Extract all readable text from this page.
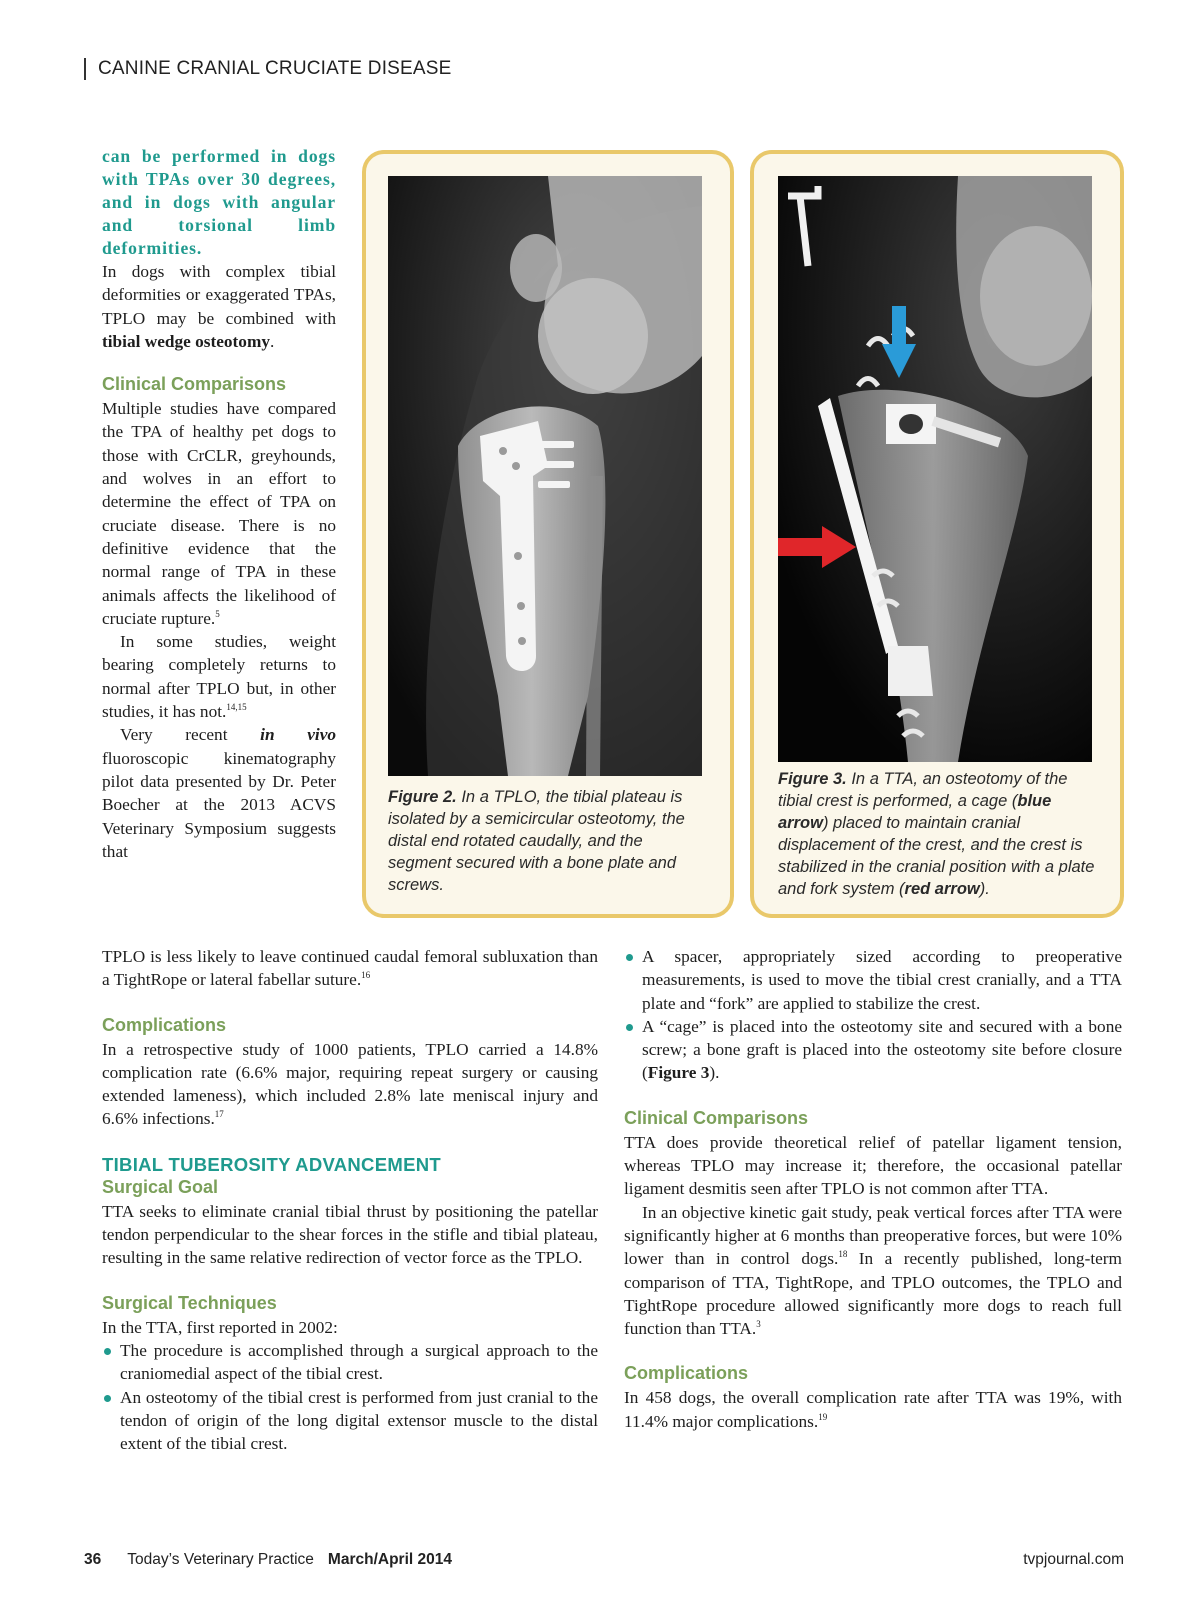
CANINE CRANIAL CRUCIATE DISEASE

can be performed in dogs with TPAs over 30 degrees, and in dogs with angular and torsional limb deformities.

In dogs with complex tibial deformities or exaggerated TPAs, TPLO may be combined with tibial wedge osteotomy.

Clinical Comparisons

Multiple studies have compared the TPA of healthy pet dogs to those with CrCLR, greyhounds, and wolves in an effort to determine the effect of TPA on cruciate disease. There is no definitive evidence that the normal range of TPA in these animals affects the likelihood of cruciate rupture.$^5$

In some studies, weight bearing completely returns to normal after TPLO but, in other studies, it has not.$^{14,15}$

Very recent in vivo fluoroscopic kinematography pilot data presented by Dr. Peter Boecher at the 2013 ACVS Veterinary Symposium suggests that

TPLO is less likely to leave continued caudal femoral subluxation than a TightRope or lateral fabellar suture.$^{16}$

Complications

In a retrospective study of 1000 patients, TPLO carried a 14.8% complication rate (6.6% major, requiring repeat surgery or causing extended lameness), which included 2.8% late meniscal injury and 6.6% infections.$^{17}$

TIBIAL TUBEROSITY ADVANCEMENT
Surgical Goal

TTA seeks to eliminate cranial tibial thrust by positioning the patellar tendon perpendicular to the shear forces in the stifle and tibial plateau, resulting in the same relative redirection of vector force as the TPLO.

Surgical Techniques

In the TTA, first reported in 2002:

The procedure is accomplished through a surgical approach to the craniomedial aspect of the tibial crest.
An osteotomy of the tibial crest is performed from just cranial to the tendon of origin of the long digital extensor muscle to the distal extent of the tibial crest.
A spacer, appropriately sized according to preoperative measurements, is used to move the tibial crest cranially, and a TTA plate and “fork” are applied to stabilize the crest.
A “cage” is placed into the osteotomy site and secured with a bone screw; a bone graft is placed into the osteotomy site before closure (Figure 3).
Clinical Comparisons

TTA does provide theoretical relief of patellar ligament tension, whereas TPLO may increase it; therefore, the occasional patellar ligament desmitis seen after TPLO is not common after TTA.

In an objective kinetic gait study, peak vertical forces after TTA were significantly higher at 6 months than preoperative forces, but were 10% lower than in control dogs.$^{18}$ In a recently published, long-term comparison of TTA, TightRope, and TPLO outcomes, the TPLO and TightRope procedure allowed significantly more dogs to reach full function than TTA.$^3$

Complications

In 458 dogs, the overall complication rate after TTA was 19%, with 11.4% major complications.$^{19}$

Figure 2. In a TPLO, the tibial plateau is isolated by a semicircular osteotomy, the distal end rotated caudally, and the segment secured with a bone plate and screws.
Figure 3. In a TTA, an osteotomy of the tibial crest is performed, a cage (blue arrow) placed to maintain cranial displacement of the crest, and the crest is stabilized in the cranial position with a plate and fork system (red arrow).
36 Today’s Veterinary Practice March/April 2014	tvpjournal.com
